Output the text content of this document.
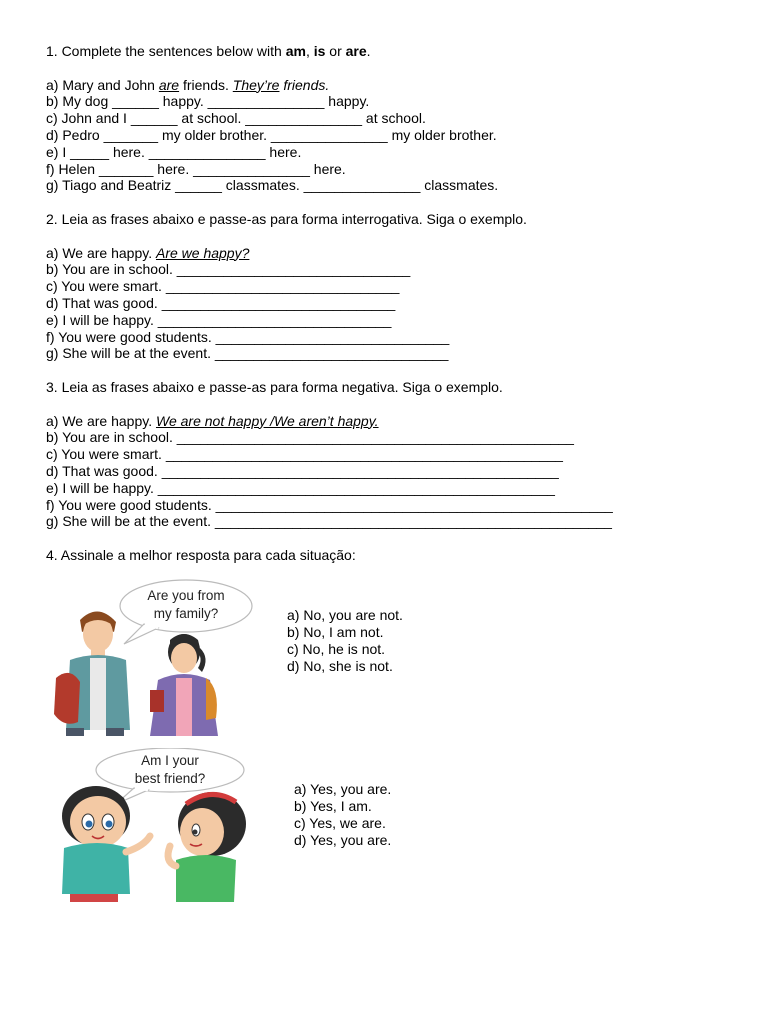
1. Complete the sentences below with am, is or are.
a) Mary and John are friends. They’re friends.
b) My dog ______ happy. _______________ happy.
c) John and I ______ at school. _______________ at school.
d) Pedro _______ my older brother. _______________ my older brother.
e) I _____ here. _______________ here.
f) Helen _______ here. _______________ here.
g) Tiago and Beatriz ______ classmates. _______________ classmates.
2. Leia as frases abaixo e passe-as para forma interrogativa. Siga o exemplo.
a) We are happy. Are we happy?
b) You are in school. ______________________________
c) You were smart. ______________________________
d) That was good. ______________________________
e) I will be happy. ______________________________
f) You were good students. ______________________________
g) She will be at the event. ______________________________
3. Leia as frases abaixo e passe-as para forma negativa. Siga o exemplo.
a) We are happy. We are not happy /We aren’t happy.
b) You are in school. ___________________________________________________
c) You were smart. ___________________________________________________
d) That was good. ___________________________________________________
e) I will be happy. ___________________________________________________
f) You were good students. ___________________________________________________
g) She will be at the event. ___________________________________________________
4. Assinale a melhor resposta para cada situação:
Are you from
my family?	a) No, you are not.
b) No, I am not.
c) No, he is not.
d) No, she is not.
Am I your
best friend?
a) Yes, you are.
b) Yes, I am.
c) Yes, we are.
d) Yes, you are.
